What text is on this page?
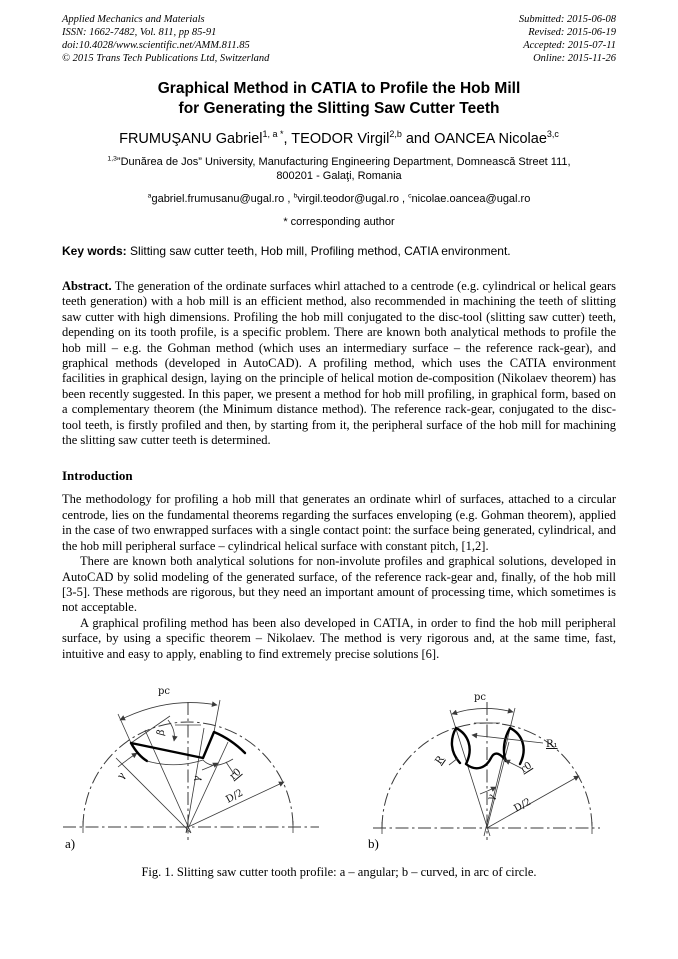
Applied Mechanics and Materials
ISSN: 1662-7482, Vol. 811, pp 85-91
doi:10.4028/www.scientific.net/AMM.811.85
© 2015 Trans Tech Publications Ltd, Switzerland
Submitted: 2015-06-08
Revised: 2015-06-19
Accepted: 2015-07-11
Online: 2015-11-26
Graphical Method in CATIA to Profile the Hob Mill
for Generating the Slitting Saw Cutter Teeth
FRUMUŞANU Gabriel$^{1, a *}$, TEODOR Virgil$^{2,b}$ and OANCEA Nicolae$^{3,c}$
$^{1,3}$”Dunărea de Jos” University, Manufacturing Engineering Department, Domnească Street 111,
800201 - Galaţi, Romania
$^a$gabriel.frumusanu@ugal.ro , $^b$virgil.teodor@ugal.ro , $^c$nicolae.oancea@ugal.ro
* corresponding author
Key words: Slitting saw cutter teeth, Hob mill, Profiling method, CATIA environment.

Abstract. The generation of the ordinate surfaces whirl attached to a centrode (e.g. cylindrical or helical gears teeth generation) with a hob mill is an efficient method, also recommended in machining the teeth of slitting saw cutter with high dimensions. Profiling the hob mill conjugated to the disc-tool (slitting saw cutter) teeth, depending on its tooth profile, is a specific problem. There are known both analytical methods to profile the hob mill – e.g. the Gohman method (which uses an intermediary surface – the reference rack-gear), and graphical methods (developed in AutoCAD). A profiling method, which uses the CATIA environment facilities in graphical design, laying on the principle of helical motion de-composition (Nikolaev theorem) has been recently suggested. In this paper, we present a method for hob mill profiling, in graphical form, based on a complementary theorem (the Minimum distance method). The reference rack-gear, conjugated to the disc-tool teeth, is firstly profiled and then, by starting from it, the peripheral surface of the hob mill for machining the slitting saw cutter teeth is determined.

Introduction

The methodology for profiling a hob mill that generates an ordinate whirl of surfaces, attached to a circular centrode, lies on the fundamental theorems regarding the surfaces enveloping (e.g. Gohman theorem), applied in the case of two enwrapped surfaces with a single contact point: the surface being generated, cylindrical, and the hob mill peripheral surface – cylindrical helical surface with constant pitch, [1,2].

There are known both analytical solutions for non-involute profiles and graphical solutions, developed in AutoCAD by solid modeling of the generated surface, of the reference rack-gear and, finally, of the hob mill [3-5]. These methods are rigorous, but they need an important amount of processing time, which sometimes is not acceptable.

A graphical profiling method has been also developed in CATIA, in order to find the hob mill peripheral surface, by using a specific theorem – Nikolaev. The method is very rigorous and, at the same time, fast, intuitive and easy to apply, enabling to find extremely precise solutions [6].

pc
β
γ	γ r0
D/2
pc
R₁
R	r0
γ D/2
a)	b)
Fig. 1. Slitting saw cutter tooth profile: a – angular; b – curved, in arc of circle.
